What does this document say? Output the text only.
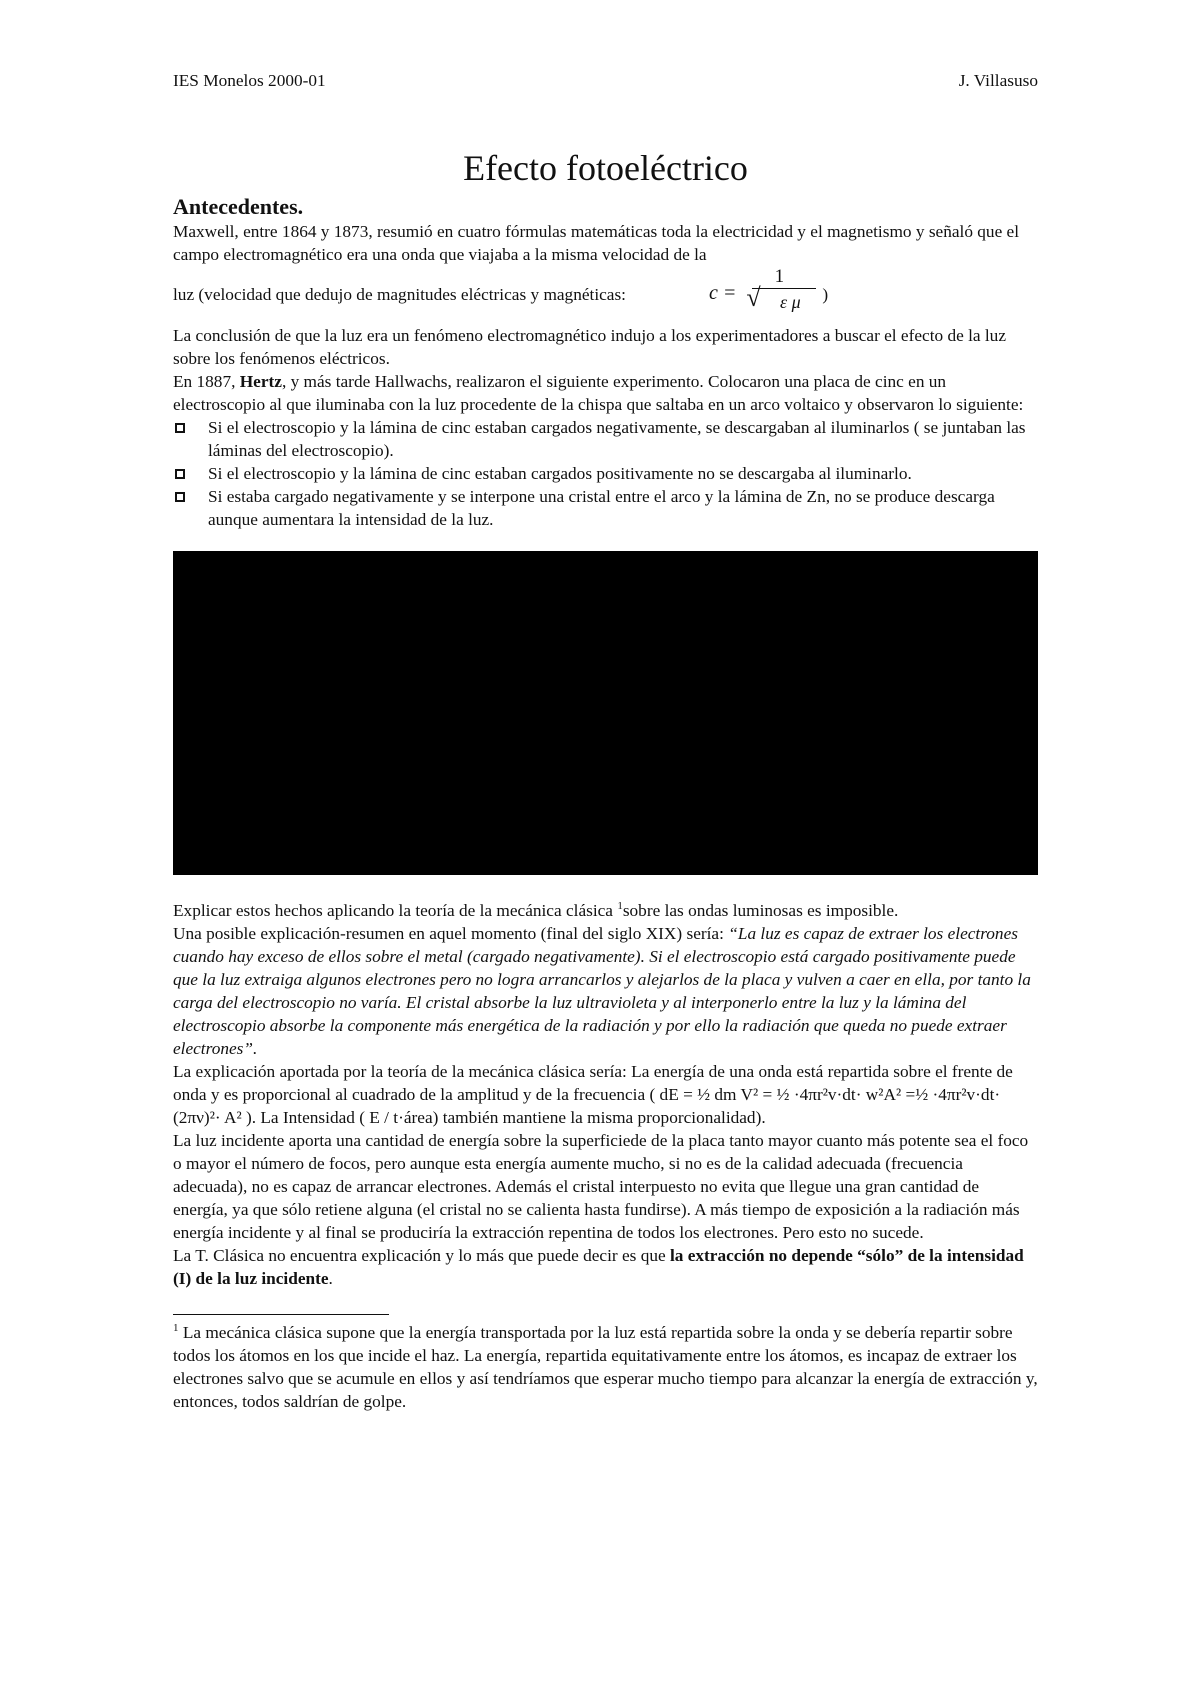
IES Monelos 2000-01	J. Villasuso
Efecto fotoeléctrico
Antecedentes.

Maxwell, entre 1864 y 1873, resumió en cuatro fórmulas matemáticas toda la electricidad y el magnetismo y señaló que el campo electromagnético era una onda que viajaba a la misma velocidad de la

luz (velocidad que dedujo de magnitudes eléctricas y magnéticas:	$c = \frac{1}{\text{√ ε μ}}$ )

La conclusión de que la luz era un fenómeno electromagnético indujo a los experimentadores a buscar el efecto de la luz sobre los fenómenos eléctricos.

En 1887, Hertz, y más tarde Hallwachs, realizaron el siguiente experimento. Colocaron una placa de cinc en un electroscopio al que iluminaba con la luz procedente de la chispa que saltaba en un arco voltaico y observaron lo siguiente:

Si el electroscopio y la lámina de cinc estaban cargados negativamente, se descargaban al iluminarlos ( se juntaban las láminas del electroscopio).
Si el electroscopio y la lámina de cinc estaban cargados positivamente no se descargaba al iluminarlo.
Si estaba cargado negativamente y se interpone una cristal entre el arco y la lámina de Zn, no se produce descarga aunque aumentara la intensidad de la luz.

Explicar estos hechos aplicando la teoría de la mecánica clásica $^1$sobre las ondas luminosas es imposible.

Una posible explicación-resumen en aquel momento (final del siglo XIX) sería: “La luz es capaz de extraer los electrones cuando hay exceso de ellos sobre el metal (cargado negativamente). Si el electroscopio está cargado positivamente puede que la luz extraiga algunos electrones pero no logra arrancarlos y alejarlos de la placa y vulven a caer en ella, por tanto la carga del electroscopio no varía. El cristal absorbe la luz ultravioleta y al interponerlo entre la luz y la lámina del electroscopio absorbe la componente más energética de la radiación y por ello la radiación que queda no puede extraer electrones”.

La explicación aportada por la teoría de la mecánica clásica sería: La energía de una onda está repartida sobre el frente de onda y es proporcional al cuadrado de la amplitud y de la frecuencia ( dE = ½ dm V² = ½ ·4πr²v·dt· w²A² =½ ·4πr²v·dt· (2πν)²· A² ). La Intensidad ( E / t·área) también mantiene la misma proporcionalidad).

La luz incidente aporta una cantidad de energía sobre la superficiede de la placa tanto mayor cuanto más potente sea el foco o mayor el número de focos, pero aunque esta energía aumente mucho, si no es de la calidad adecuada (frecuencia adecuada), no es capaz de arrancar electrones. Además el cristal interpuesto no evita que llegue una gran cantidad de energía, ya que sólo retiene alguna (el cristal no se calienta hasta fundirse). A más tiempo de exposición a la radiación más energía incidente y al final se produciría la extracción repentina de todos los electrones. Pero esto no sucede.

La T. Clásica no encuentra explicación y lo más que puede decir es que la extracción no depende “sólo” de la intensidad (I) de la luz incidente.

$^1$ La mecánica clásica supone que la energía transportada por la luz está repartida sobre la onda y se debería repartir sobre todos los átomos en los que incide el haz. La energía, repartida equitativamente entre los átomos, es incapaz de extraer los electrones salvo que se acumule en ellos y así tendríamos que esperar mucho tiempo para alcanzar la energía de extracción y, entonces, todos saldrían de golpe.
